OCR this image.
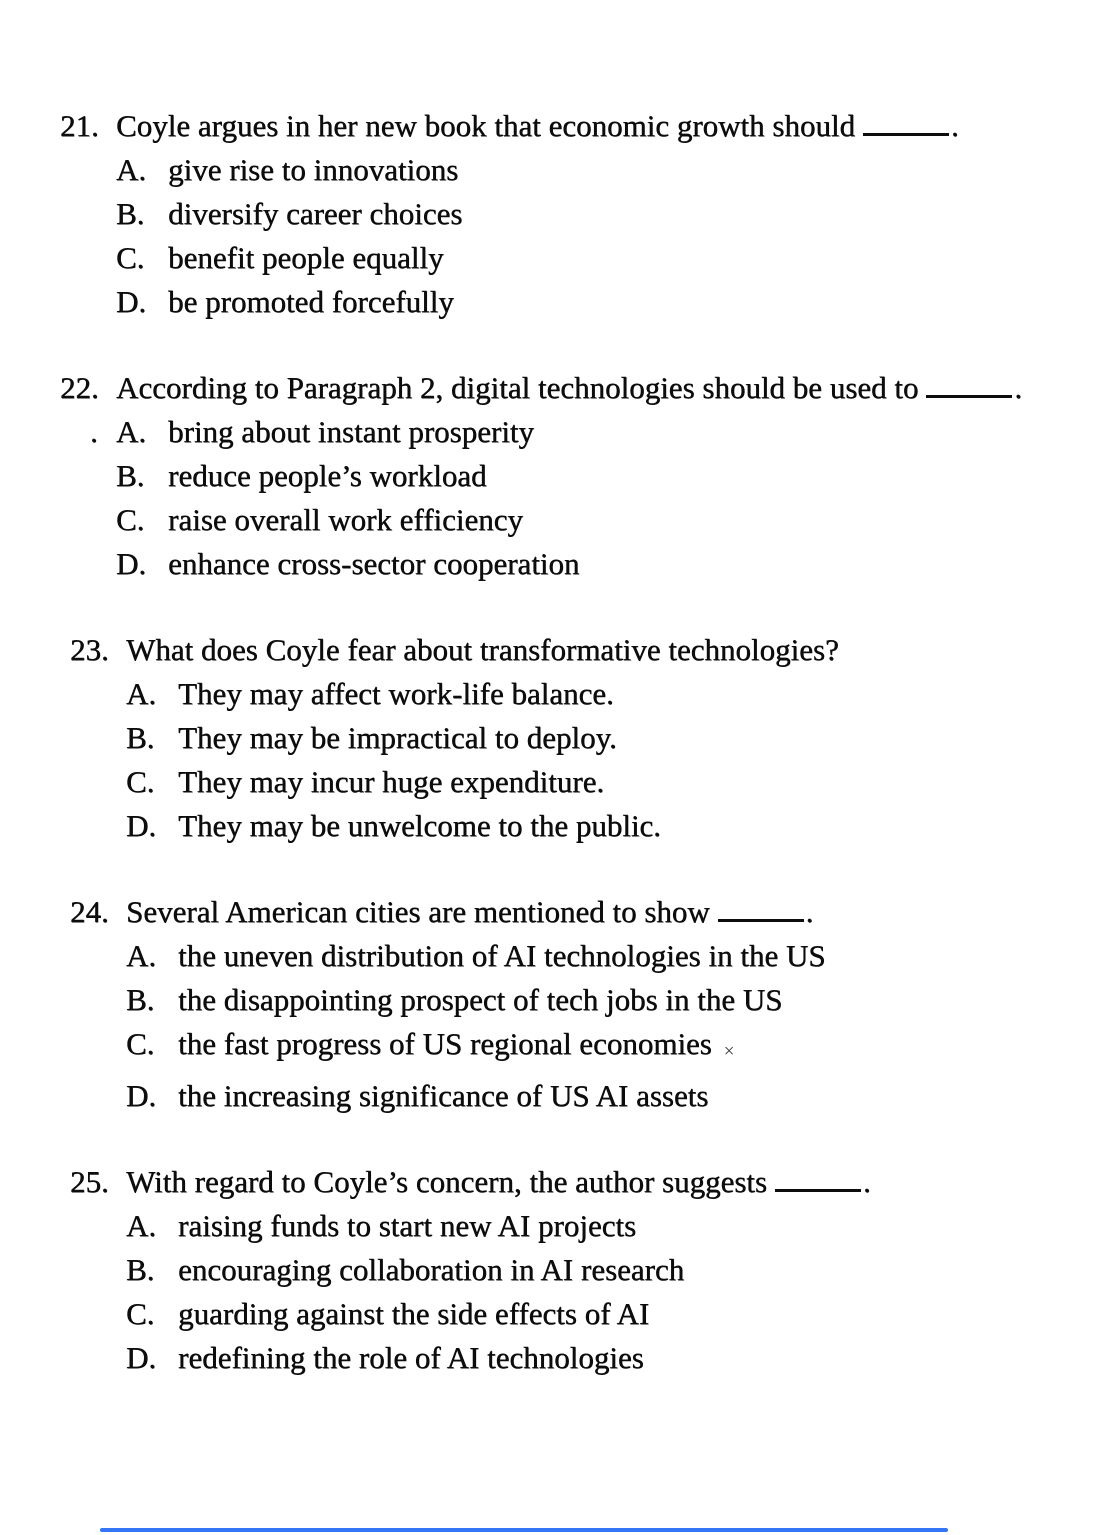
21. Coyle argues in her new book that economic growth should	.
A. give rise to innovations
B. diversify career choices
C. benefit people equally
D. be promoted forcefully
22. According to Paragraph 2, digital technologies should be used to	.
. A. bring about instant prosperity
B. reduce people’s workload
C. raise overall work efficiency
D. enhance cross-sector cooperation
23. What does Coyle fear about transformative technologies?
A. They may affect work-life balance.
B. They may be impractical to deploy.
C. They may incur huge expenditure.
D. They may be unwelcome to the public.
24. Several American cities are mentioned to show	.
A. the uneven distribution of AI technologies in the US
B. the disappointing prospect of tech jobs in the US
C. the fast progress of US regional economies ×
D. the increasing significance of US AI assets
25. With regard to Coyle’s concern, the author suggests	.
A. raising funds to start new AI projects
B. encouraging collaboration in AI research
C. guarding against the side effects of AI
D. redefining the role of AI technologies
